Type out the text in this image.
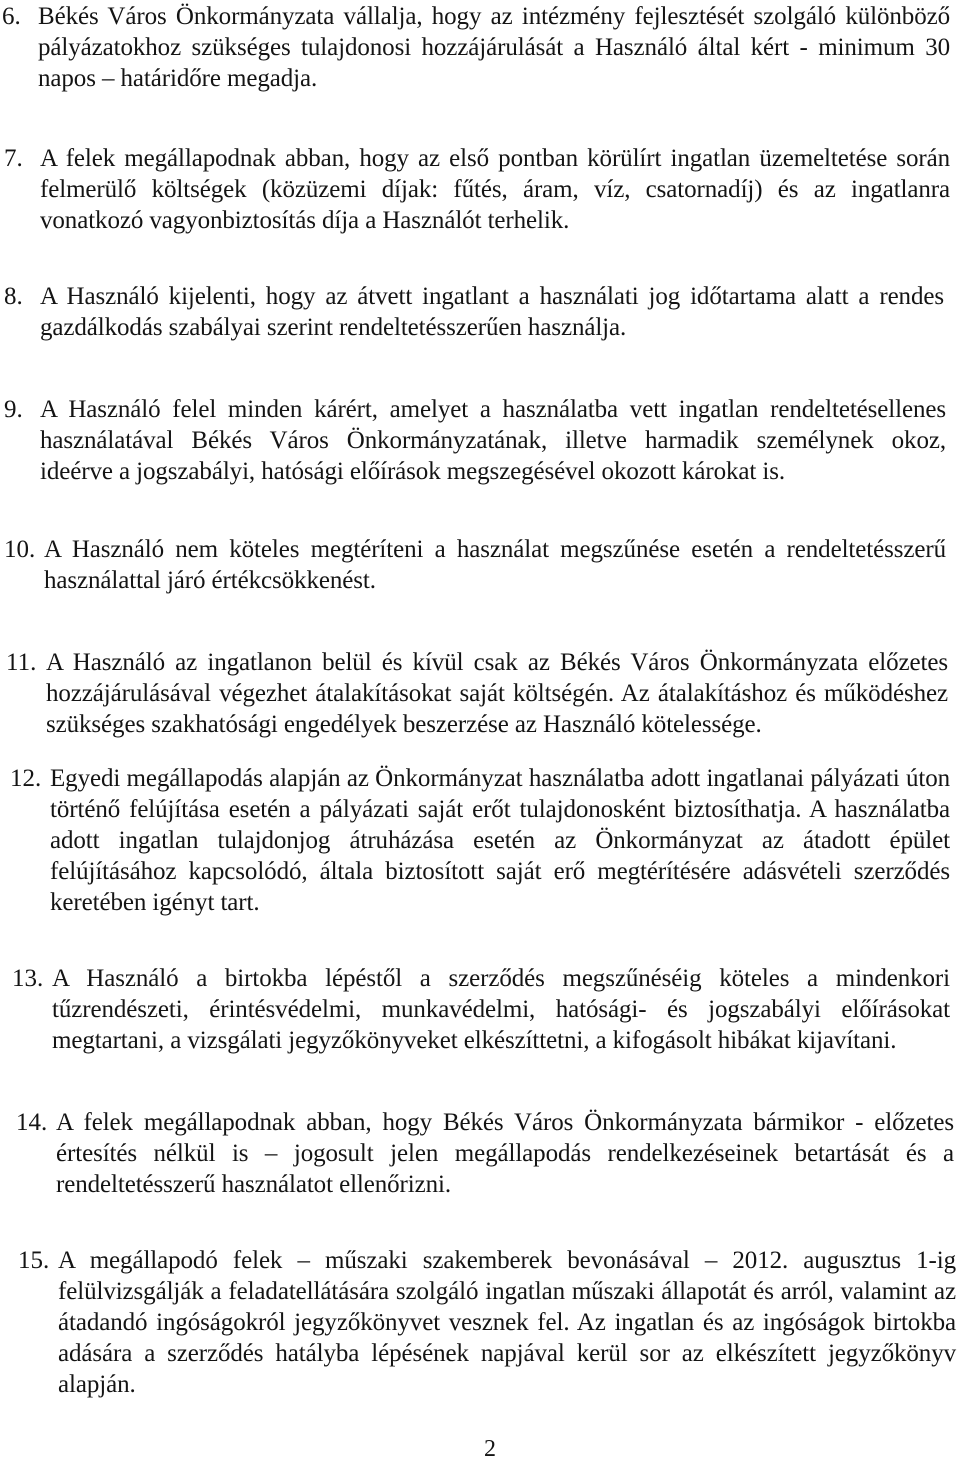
6. Békés Város Önkormányzata vállalja, hogy az intézmény fejlesztését szolgáló különböző
pályázatokhoz szükséges tulajdonosi hozzájárulását a Használó által kért - minimum 30
napos – határidőre megadja.
7. A felek megállapodnak abban, hogy az első pontban körülírt ingatlan üzemeltetése során
felmerülő költségek (közüzemi díjak: fűtés, áram, víz, csatornadíj) és az ingatlanra
vonatkozó vagyonbiztosítás díja a Használót terhelik.
8. A Használó kijelenti, hogy az átvett ingatlant a használati jog időtartama alatt a rendes
gazdálkodás szabályai szerint rendeltetésszerűen használja.
9. A Használó felel minden kárért, amelyet a használatba vett ingatlan rendeltetésellenes
használatával Békés Város Önkormányzatának, illetve harmadik személynek okoz,
ideérve a jogszabályi, hatósági előírások megszegésével okozott károkat is.
10. A Használó nem köteles megtéríteni a használat megszűnése esetén a rendeltetésszerű
használattal járó értékcsökkenést.
11. A Használó az ingatlanon belül és kívül csak az Békés Város Önkormányzata előzetes
hozzájárulásával végezhet átalakításokat saját költségén. Az átalakításhoz és működéshez
szükséges szakhatósági engedélyek beszerzése az Használó kötelessége.
12. Egyedi megállapodás alapján az Önkormányzat használatba adott ingatlanai pályázati úton
történő felújítása esetén a pályázati saját erőt tulajdonosként biztosíthatja. A használatba
adott ingatlan tulajdonjog átruházása esetén az Önkormányzat az átadott épület
felújításához kapcsolódó, általa biztosított saját erő megtérítésére adásvételi szerződés
keretében igényt tart.
13. A Használó a birtokba lépéstől a szerződés megszűnéséig köteles a mindenkori
tűzrendészeti, érintésvédelmi, munkavédelmi, hatósági- és jogszabályi előírásokat
megtartani, a vizsgálati jegyzőkönyveket elkészíttetni, a kifogásolt hibákat kijavítani.
14. A felek megállapodnak abban, hogy Békés Város Önkormányzata bármikor - előzetes
értesítés nélkül is – jogosult jelen megállapodás rendelkezéseinek betartását és a
rendeltetésszerű használatot ellenőrizni.
15. A megállapodó felek – műszaki szakemberek bevonásával – 2012. augusztus 1-ig
felülvizsgálják a feladatellátására szolgáló ingatlan műszaki állapotát és arról, valamint az
átadandó ingóságokról jegyzőkönyvet vesznek fel. Az ingatlan és az ingóságok birtokba
adására a szerződés hatályba lépésének napjával kerül sor az elkészített jegyzőkönyv
alapján.
2
